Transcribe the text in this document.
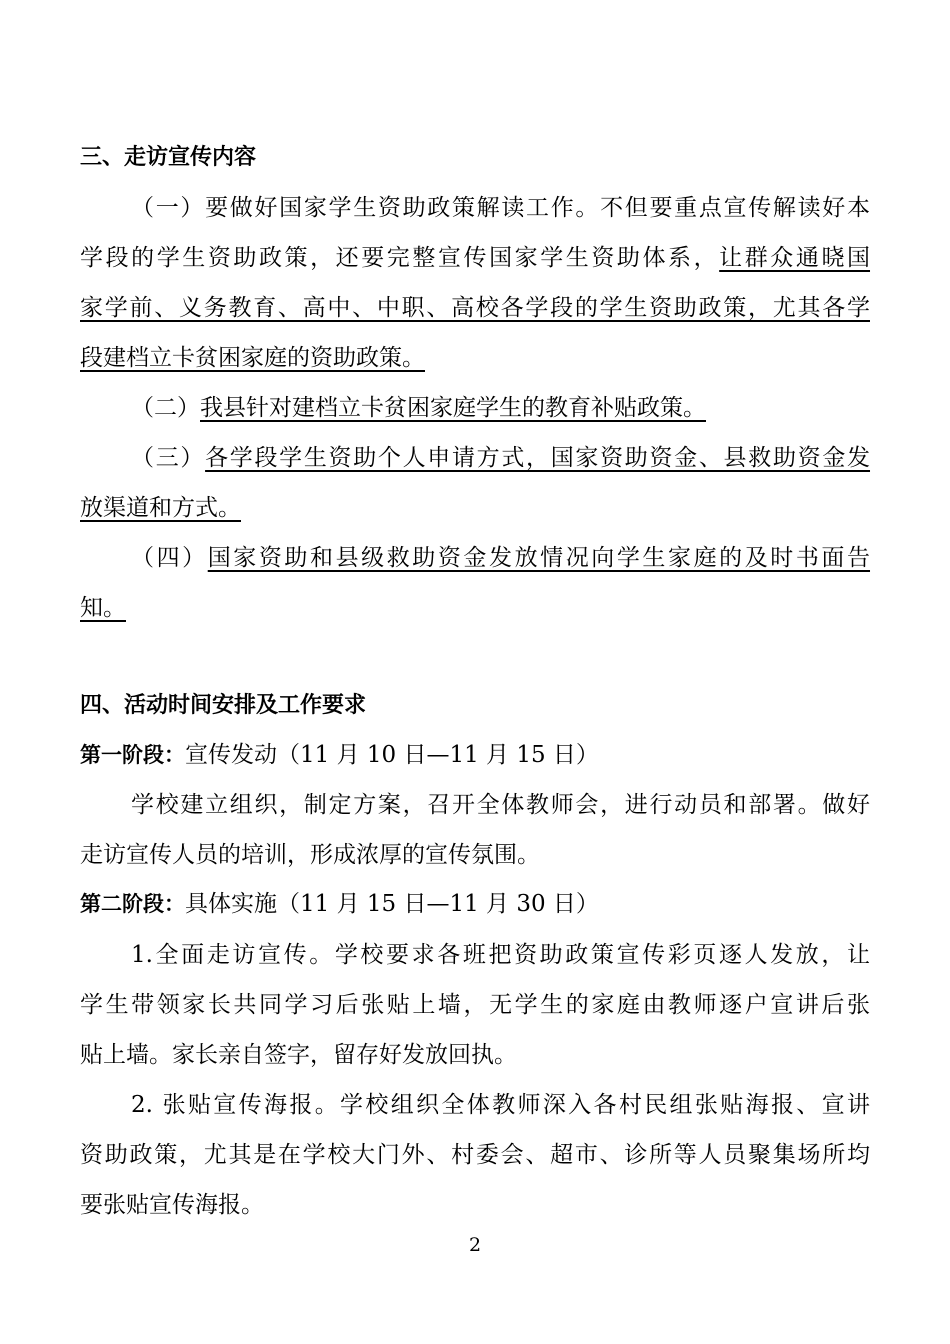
三、走访宣传内容
（一）要做好国家学生资助政策解读工作。不但要重点宣传解读好本
学段的学生资助政策，还要完整宣传国家学生资助体系，让群众通晓国
家学前、义务教育、高中、中职、高校各学段的学生资助政策，尤其各学
段建档立卡贫困家庭的资助政策。
（二）我县针对建档立卡贫困家庭学生的教育补贴政策。
（三）各学段学生资助个人申请方式，国家资助资金、县救助资金发
放渠道和方式。
（四）国家资助和县级救助资金发放情况向学生家庭的及时书面告
知。
四、活动时间安排及工作要求
第一阶段：宣传发动（11 月 10 日—11 月 15 日）
学校建立组织，制定方案，召开全体教师会，进行动员和部署。做好
走访宣传人员的培训，形成浓厚的宣传氛围。
第二阶段：具体实施（11 月 15 日—11 月 30 日）
1.全面走访宣传。学校要求各班把资助政策宣传彩页逐人发放，让
学生带领家长共同学习后张贴上墙，无学生的家庭由教师逐户宣讲后张
贴上墙。家长亲自签字，留存好发放回执。
2. 张贴宣传海报。学校组织全体教师深入各村民组张贴海报、宣讲
资助政策，尤其是在学校大门外、村委会、超市、诊所等人员聚集场所均
要张贴宣传海报。
2
